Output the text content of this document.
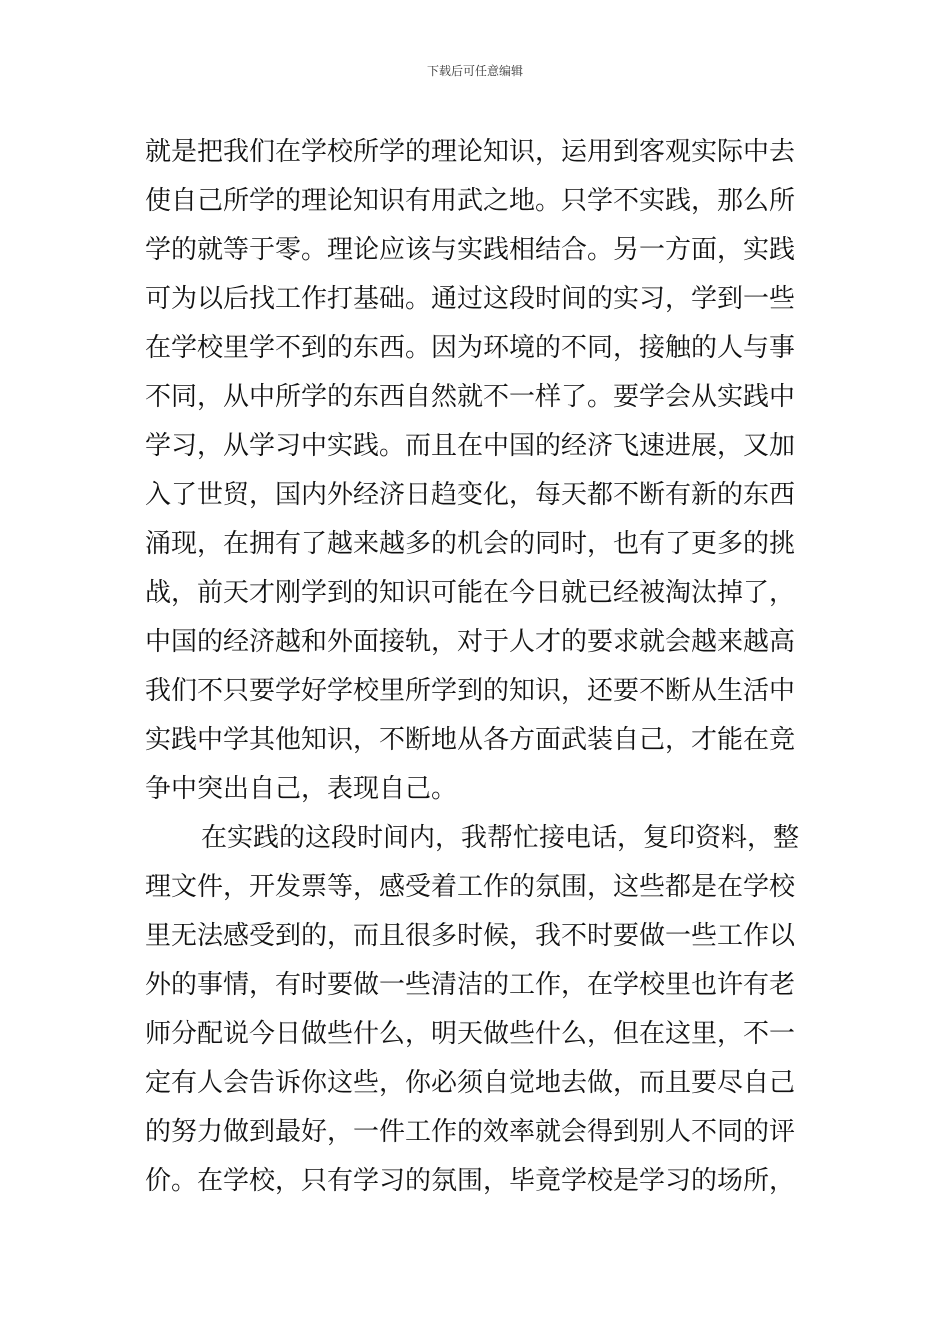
下载后可任意编辑
就是把我们在学校所学的理论知识，运用到客观实际中去
使自己所学的理论知识有用武之地。只学不实践，那么所
学的就等于零。理论应该与实践相结合。另一方面，实践
可为以后找工作打基础。通过这段时间的实习，学到一些
在学校里学不到的东西。因为环境的不同，接触的人与事
不同，从中所学的东西自然就不一样了。要学会从实践中
学习，从学习中实践。而且在中国的经济飞速进展，又加
入了世贸，国内外经济日趋变化，每天都不断有新的东西
涌现，在拥有了越来越多的机会的同时，也有了更多的挑
战，前天才刚学到的知识可能在今日就已经被淘汰掉了，
中国的经济越和外面接轨，对于人才的要求就会越来越高
我们不只要学好学校里所学到的知识，还要不断从生活中
实践中学其他知识，不断地从各方面武装自己，才能在竞
争中突出自己，表现自己。
在实践的这段时间内，我帮忙接电话，复印资料，整
理文件，开发票等，感受着工作的氛围，这些都是在学校
里无法感受到的，而且很多时候，我不时要做一些工作以
外的事情，有时要做一些清洁的工作，在学校里也许有老
师分配说今日做些什么，明天做些什么，但在这里，不一
定有人会告诉你这些，你必须自觉地去做，而且要尽自己
的努力做到最好，一件工作的效率就会得到别人不同的评
价。在学校，只有学习的氛围，毕竟学校是学习的场所，
